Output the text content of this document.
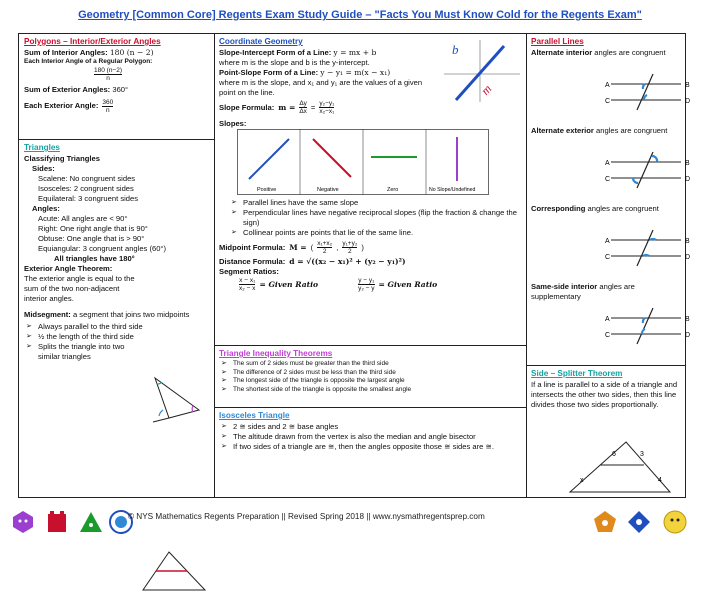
Geometry [Common Core] Regents Exam Study Guide – "Facts You Must Know Cold for the Regents Exam"
Polygons – Interior/Exterior Angles
Sum of Interior Angles: 180 (n − 2)
Each Interior Angle of a Regular Polygon:
$\frac{180 (n-2)}{n}$
Sum of Exterior Angles: 360°
Each Exterior Angle: $\frac{360}{n}$
Triangles
Classifying Triangles
Sides:
Scalene: No congruent sides
Isosceles: 2 congruent sides
Equilateral: 3 congruent sides
Angles:
Acute: All angles are < 90°
Right: One right angle that is 90°
Obtuse: One angle that is > 90°
Equiangular: 3 congruent angles (60°)
All triangles have 180°
Exterior Angle Theorem:
The exterior angle is equal to the sum of the two non-adjacent interior angles.
Midsegment: a segment that joins two midpoints
➢ Always parallel to the third side
➢ ½ the length of the third side
➢ Splits the triangle into two similar triangles
Coordinate Geometry
Slope-Intercept Form of a Line: y = mx + b
where m is the slope and b is the y-intercept.
Point-Slope Form of a Line: y − y₁ = m(x − x₁)
where m is the slope, and x₁ and y₁ are the values of a given point on the line.
Slope Formula: $m = \frac{\Delta y}{\Delta x} = \frac{\text{y₂−y₁}}{\text{x₂−x₁}}$
b
m
Slopes:
Positive	Negative	Zero	No Slope/Undefined
➢ Parallel lines have the same slope
➢ Perpendicular lines have negative reciprocal slopes (flip the fraction & change the sign)
➢ Collinear points are points that lie of the same line.
Midpoint Formula: M = ( $\frac{\text{x₁+x₂}}{2}$ , $\frac{\text{y₁+y₂}}{2}$ )
Distance Formula: d = √((x₂ − x₁)² + (y₂ − y₁)²)
Segment Ratios:
$\frac{\text{x − x₁}}{\text{x₂ − x}}$ = Given Ratio	$\frac{\text{y − y₁}}{\text{y₂ − y}}$ = Given Ratio
Triangle Inequality Theorems
➢ The sum of 2 sides must be greater than the third side
➢ The difference of 2 sides must be less than the third side
➢ The longest side of the triangle is opposite the largest angle
➢ The shortest side of the triangle is opposite the smallest angle
Isosceles Triangle
➢ 2 ≅ sides and 2 ≅ base angles
➢ The altitude drawn from the vertex is also the median and angle bisector
➢ If two sides of a triangle are ≅, then the angles opposite those ≅ sides are ≅.
Parallel Lines
Alternate interior angles are congruent
A	B
C	D
Alternate exterior angles are congruent
A	B
C	D
Corresponding angles are congruent
A	B
C	D
Same-side interior angles are supplementary
A	B
C	D
Side – Splitter Theorem
If a line is parallel to a side of a triangle and intersects the other two sides, then this line divides those two sides proportionally.
6	3
x	4
© NYS Mathematics Regents Preparation || Revised Spring 2018 || www.nysmathregentsprep.com
